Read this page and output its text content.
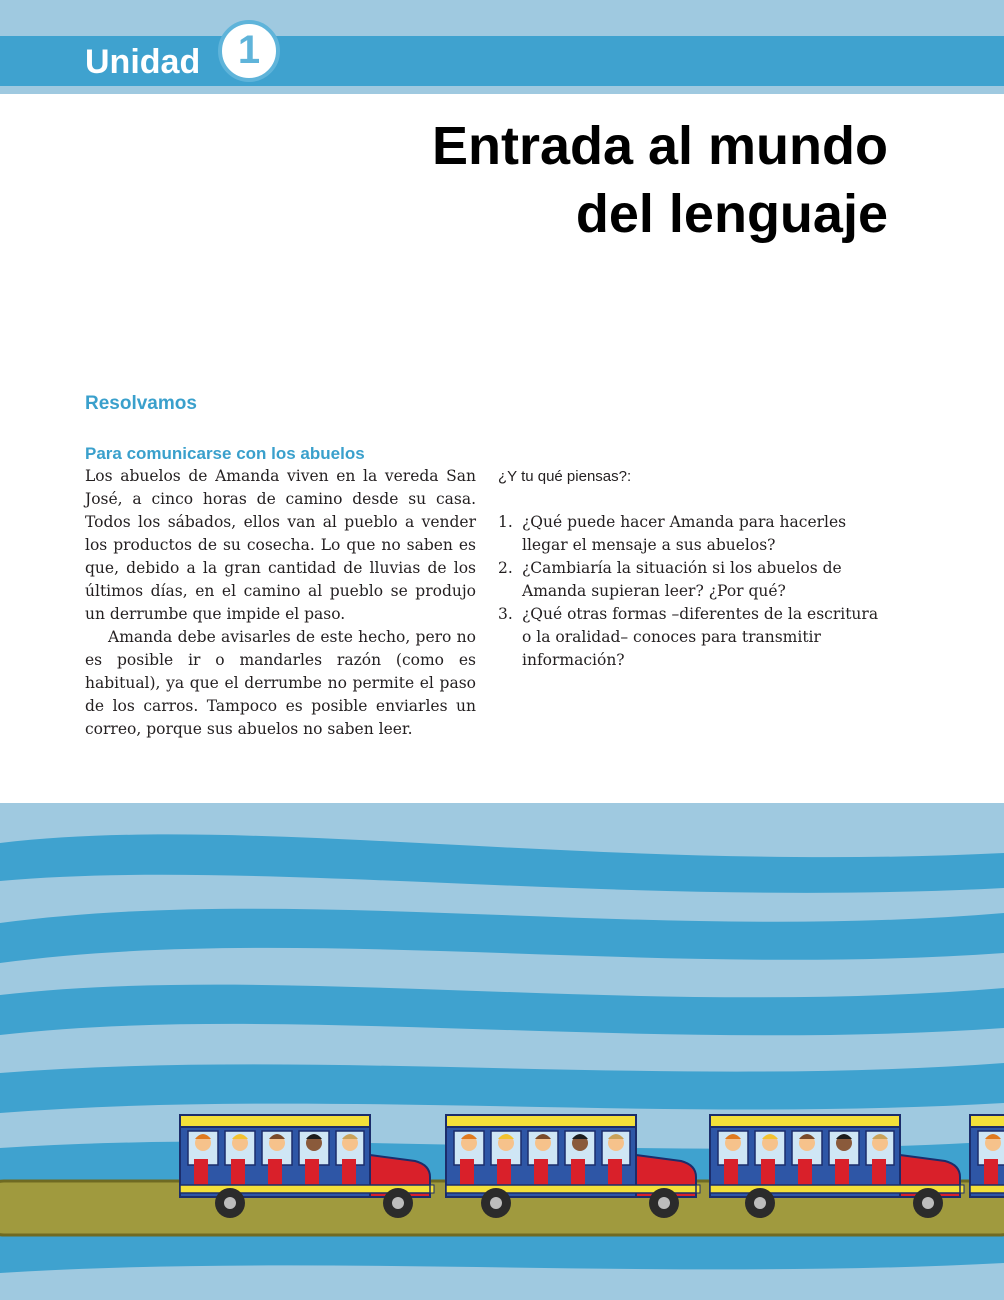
Unidad 1
Entrada al mundo
del lenguaje
Resolvamos
Para comunicarse con los abuelos

Los abuelos de Amanda viven en la vereda San José, a cinco horas de camino desde su casa. Todos los sábados, ellos van al pueblo a vender los productos de su cosecha. Lo que no saben es que, debido a la gran cantidad de lluvias de los últimos días, en el camino al pueblo se produjo un derrumbe que impide el paso.

Amanda debe avisarles de este hecho, pero no es posible ir o mandarles razón (como es habitual), ya que el derrumbe no permite el paso de los carros. Tampoco es posible enviarles un correo, porque sus abuelos no saben leer.

¿Y tu qué piensas?:

1. ¿Qué puede hacer Amanda para hacerles llegar el mensaje a sus abuelos?
2. ¿Cambiaría la situación si los abuelos de Amanda supieran leer? ¿Por qué?
3. ¿Qué otras formas –diferentes de la escritura o la oralidad– conoces para transmitir información?
